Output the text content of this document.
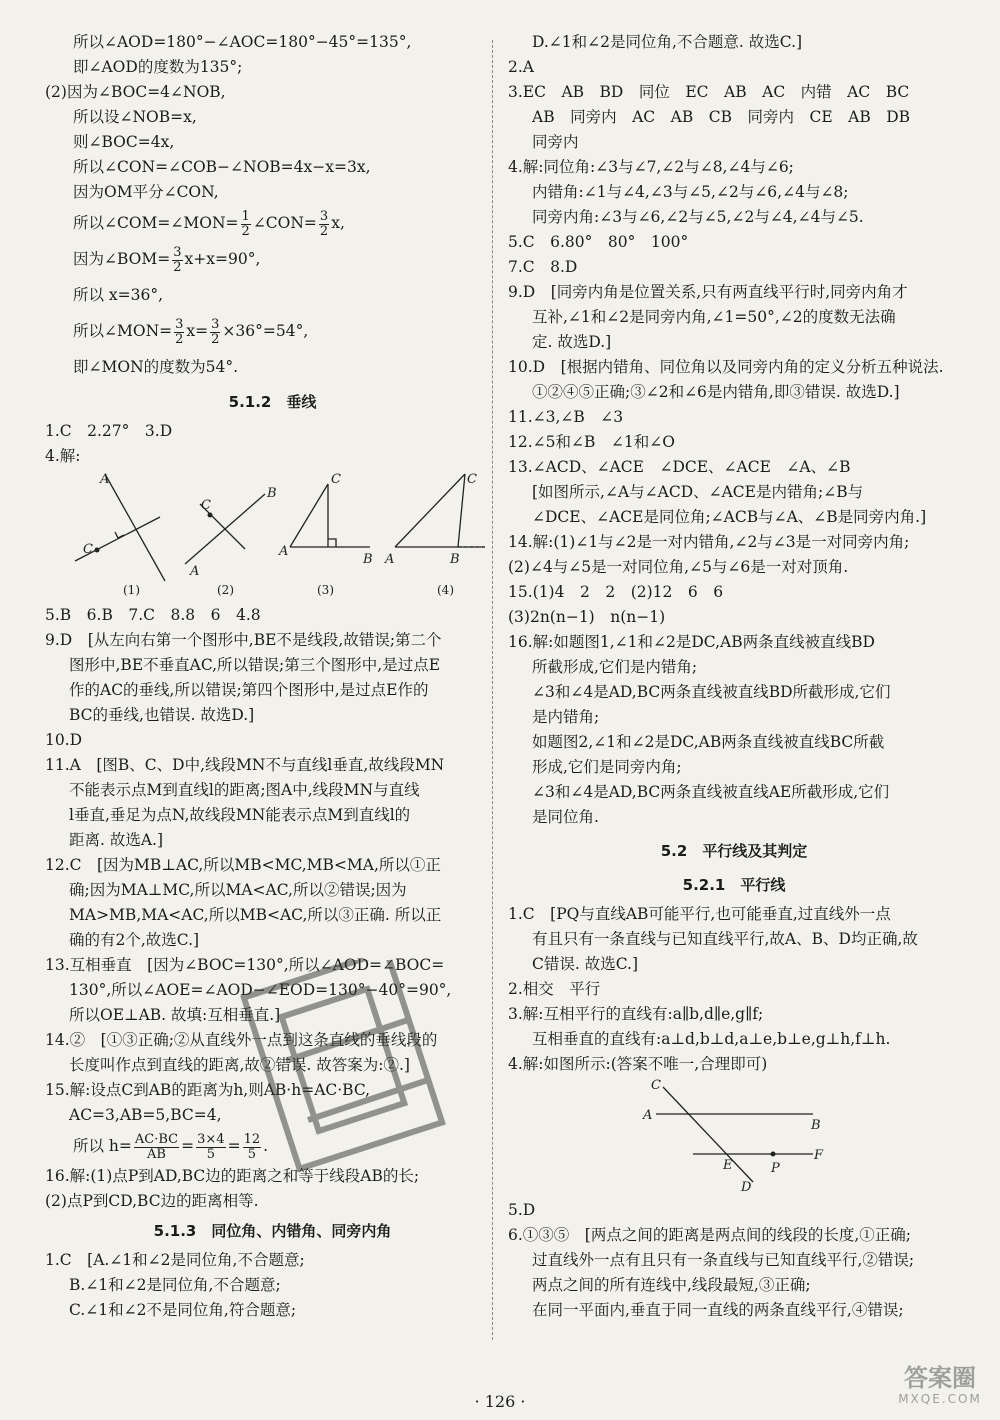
所以∠AOD=180°−∠AOC=180°−45°=135°,
即∠AOD的度数为135°;
(2)因为∠BOC=4∠NOB,
所以设∠NOB=x,
则∠BOC=4x,
所以∠CON=∠COB−∠NOB=4x−x=3x,
因为OM平分∠CON,
所以∠COM=∠MON= $\frac{1}{2}$ ∠CON= $\frac{3}{2} x$,
因为∠BOM= $\frac{3}{2} x+x=90^\circ$,
所以 x=36°,
所以∠MON= $\frac{3}{2} x= \frac{3}{2} \times 36^\circ=54^\circ$,
即∠MON的度数为54°.
5.1.2　垂线
1.C　2.27°　3.D
4.解:
A
C
B
C
A
C
A
B
C
A	B
(1)	(2)	(3)	(4)
5.B　6.B　7.C　8.8　6　4.8
9.D　[从左向右第一个图形中,BE不是线段,故错误;第二个
图形中,BE不垂直AC,所以错误;第三个图形中,是过点E
作的AC的垂线,所以错误;第四个图形中,是过点E作的
BC的垂线,也错误. 故选D.]
10.D
11.A　[图B、C、D中,线段MN不与直线l垂直,故线段MN
不能表示点M到直线l的距离;图A中,线段MN与直线
l垂直,垂足为点N,故线段MN能表示点M到直线l的
距离. 故选A.]
12.C　[因为MB⊥AC,所以MB<MC,MB<MA,所以①正
确;因为MA⊥MC,所以MA<AC,所以②错误;因为
MA>MB,MA<AC,所以MB<AC,所以③正确. 所以正
确的有2个,故选C.]
13.互相垂直　[因为∠BOC=130°,所以∠AOD=∠BOC=
130°,所以∠AOE=∠AOD−∠EOD=130°−40°=90°,
所以OE⊥AB. 故填:互相垂直.]
14.②　[①③正确;②从直线外一点到这条直线的垂线段的
长度叫作点到直线的距离,故②错误. 故答案为:②.]
15.解:设点C到AB的距离为h,则AB·h=AC·BC,
AC=3,AB=5,BC=4,
所以 $h= \frac{AC\cdot BC}{AB} = \frac{3\times 4}{5} = \frac{12}{5}$ .
16.解:(1)点P到AD,BC边的距离之和等于线段AB的长;
(2)点P到CD,BC边的距离相等.
5.1.3　同位角、内错角、同旁内角
1.C　[A.∠1和∠2是同位角,不合题意;
B.∠1和∠2是同位角,不合题意;
C.∠1和∠2不是同位角,符合题意;
D.∠1和∠2是同位角,不合题意. 故选C.]
2.A
3.EC　AB　BD　同位　EC　AB　AC　内错　AC　BC
AB　同旁内　AC　AB　CB　同旁内　CE　AB　DB
同旁内
4.解:同位角:∠3与∠7,∠2与∠8,∠4与∠6;
内错角:∠1与∠4,∠3与∠5,∠2与∠6,∠4与∠8;
同旁内角:∠3与∠6,∠2与∠5,∠2与∠4,∠4与∠5.
5.C　6.80°　80°　100°
7.C　8.D
9.D　[同旁内角是位置关系,只有两直线平行时,同旁内角才
互补,∠1和∠2是同旁内角,∠1=50°,∠2的度数无法确
定. 故选D.]
10.D　[根据内错角、同位角以及同旁内角的定义分析五种说法.
①②④⑤正确;③∠2和∠6是内错角,即③错误. 故选D.]
11.∠3,∠B　∠3
12.∠5和∠B　∠1和∠O
13.∠ACD、∠ACE　∠DCE、∠ACE　∠A、∠B
[如图所示,∠A与∠ACD、∠ACE是内错角;∠B与
∠DCE、∠ACE是同位角;∠ACB与∠A、∠B是同旁内角.]
14.解:(1)∠1与∠2是一对内错角,∠2与∠3是一对同旁内角;
(2)∠4与∠5是一对同位角,∠5与∠6是一对对顶角.
15.(1)4　2　2　(2)12　6　6
(3)2n(n−1)　n(n−1)
16.解:如题图1,∠1和∠2是DC,AB两条直线被直线BD
所截形成,它们是内错角;
∠3和∠4是AD,BC两条直线被直线BD所截形成,它们
是内错角;
如题图2,∠1和∠2是DC,AB两条直线被直线BC所截
形成,它们是同旁内角;
∠3和∠4是AD,BC两条直线被直线AE所截形成,它们
是同位角.
5.2　平行线及其判定
5.2.1　平行线
1.C　[PQ与直线AB可能平行,也可能垂直,过直线外一点
有且只有一条直线与已知直线平行,故A、B、D均正确,故
C错误. 故选C.]
2.相交　平行
3.解:互相平行的直线有:a∥b,d∥e,g∥f;
互相垂直的直线有:a⊥d,b⊥d,a⊥e,b⊥e,g⊥h,f⊥h.
4.解:如图所示:(答案不唯一,合理即可)
C
A
B
E	P
F
D
5.D
6.①③⑤　[两点之间的距离是两点间的线段的长度,①正确;
过直线外一点有且只有一条直线与已知直线平行,②错误;
两点之间的所有连线中,线段最短,③正确;
在同一平面内,垂直于同一直线的两条直线平行,④错误;
· 126 ·
答案圈
MXQE.COM
